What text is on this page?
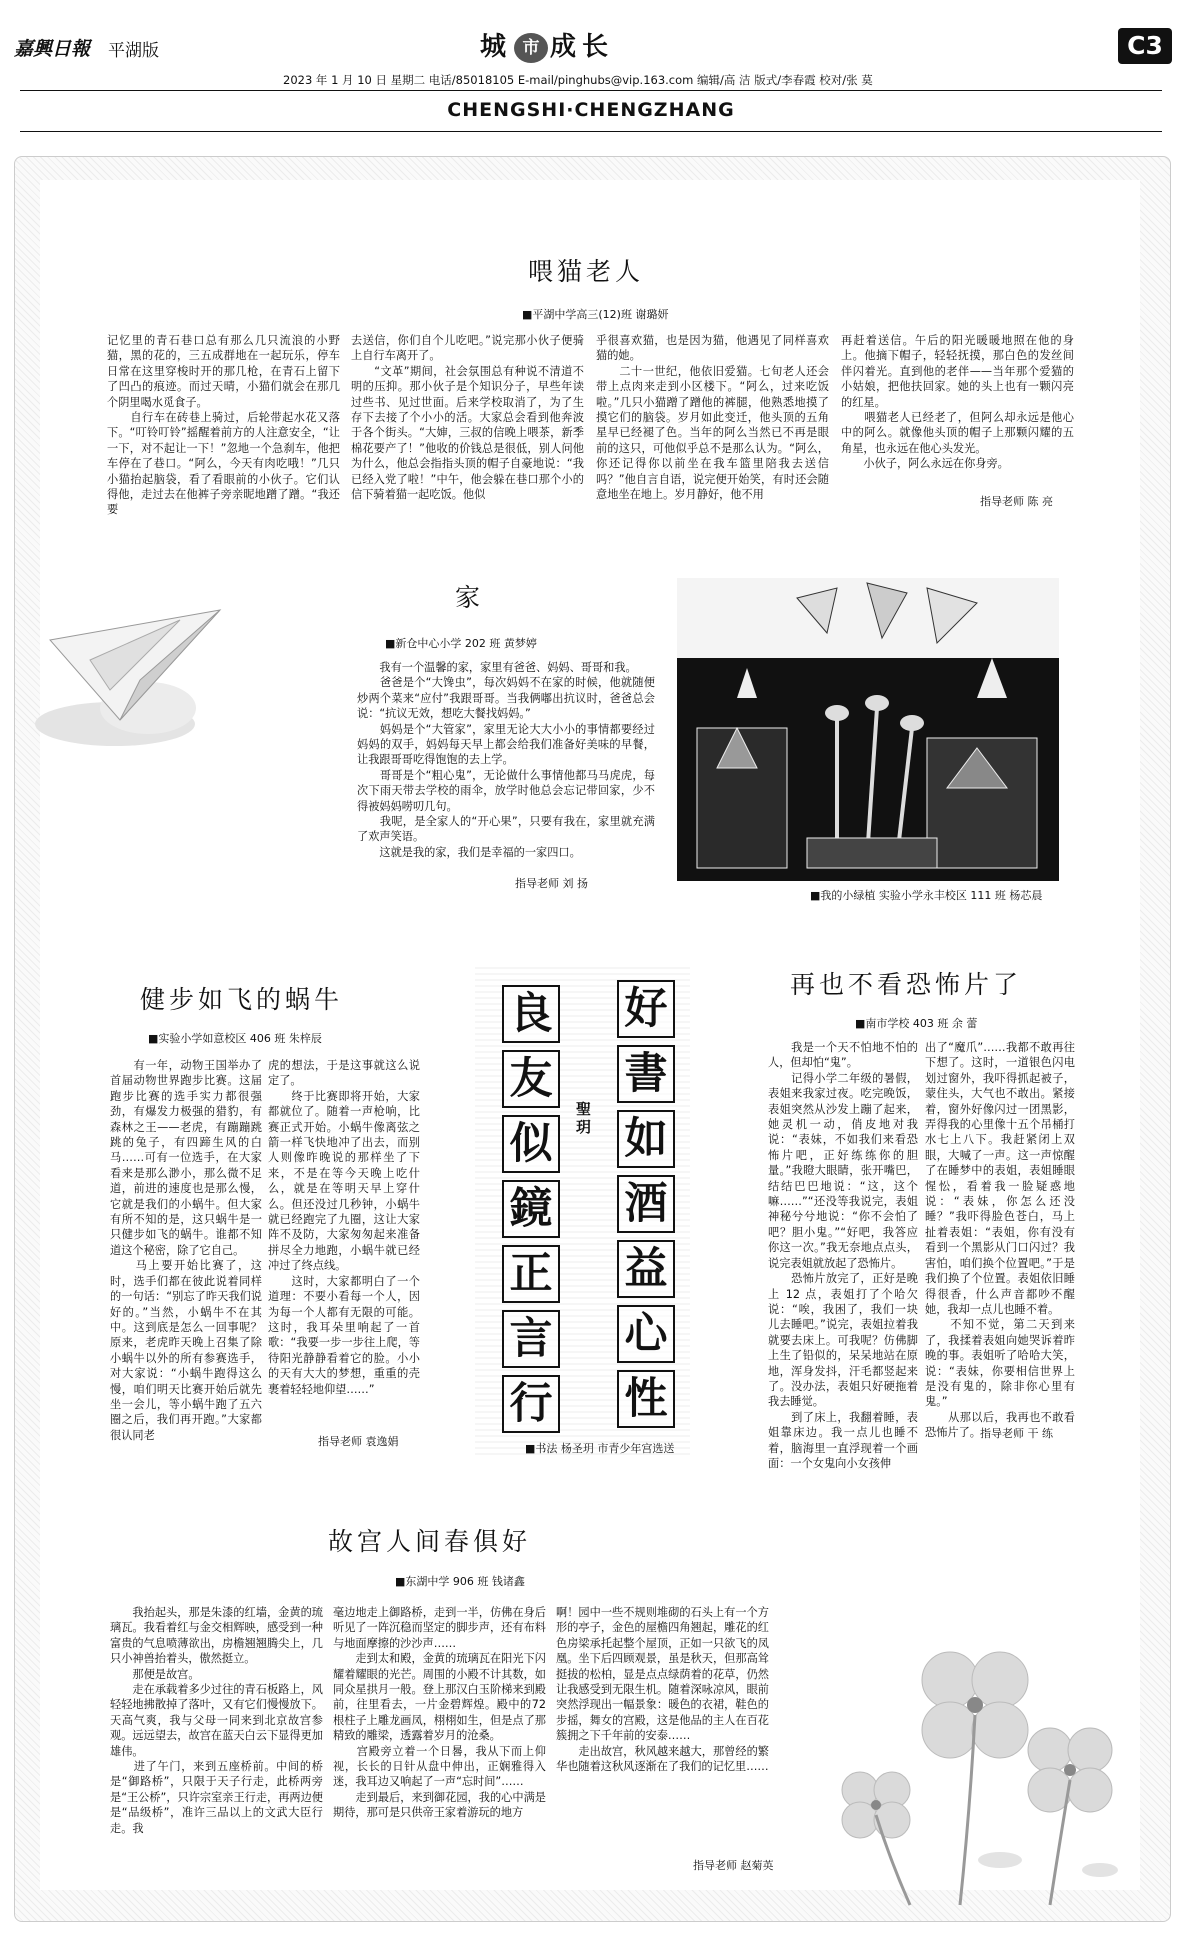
嘉興日報 平湖版	城 市 成长	C3
2023 年 1 月 10 日 星期二 电话/85018105 E-mail/pinghubs@vip.163.com 编辑/高 洁 版式/李春霞 校对/张 莫
CHENGSHI·CHENGZHANG
喂猫老人
■平湖中学高三(12)班 谢璐妍

记忆里的青石巷口总有那么几只流浪的小野猫，黑的花的，三五成群地在一起玩乐，停车日常在这里穿梭时开的那几枪，在青石上留下了凹凸的痕迹。而过天晴，小猫们就会在那几个阴里喝水觅食子。
　　自行车在砖巷上骑过，后轮带起水花又落下。“叮铃叮铃”摇醒着前方的人注意安全，“让一下，对不起让一下！”忽地一个急刹车，他把车停在了巷口。“阿么，今天有肉吃哦！”几只小猫抬起脑袋，看了看眼前的小伙子。它们认得他，走过去在他裤子旁亲昵地蹭了蹭。“我还要

去送信，你们自个儿吃吧。”说完那小伙子便骑上自行车离开了。
　　“文革”期间，社会氛围总有种说不清道不明的压抑。那小伙子是个知识分子，早些年读过些书、见过世面。后来学校取消了，为了生存下去接了个小小的活。大家总会看到他奔波于各个街头。“大婶，三叔的信晚上喂茶，新季棉花要产了！”他收的价钱总是很低，别人问他为什么，他总会指指头顶的帽子自豪地说：“我已经入党了啦！”中午，他会躲在巷口那个小的信下骑着猫一起吃饭。他似

乎很喜欢猫，也是因为猫，他遇见了同样喜欢猫的她。
　　二十一世纪，他依旧爱猫。七旬老人还会带上点肉来走到小区楼下。“阿么，过来吃饭啦。”几只小猫蹭了蹭他的裤腿，他熟悉地摸了摸它们的脑袋。岁月如此变迁，他头顶的五角星早已经褪了色。当年的阿么当然已不再是眼前的这只，可他似乎总不是那么认为。“阿么，你还记得你以前坐在我车篮里陪我去送信吗？”他自言自语，说完便开始笑，有时还会随意地坐在地上。岁月静好，他不用

再赶着送信。午后的阳光暖暖地照在他的身上。他摘下帽子，轻轻抚摸，那白色的发丝间伴闪着光。直到他的老伴——当年那个爱猫的小姑娘，把他扶回家。她的头上也有一颗闪亮的红星。
　　喂猫老人已经老了，但阿么却永远是他心中的阿么。就像他头顶的帽子上那颗闪耀的五角星，也永远在他心头发光。
　　小伙子，阿么永远在你身旁。

指导老师 陈 亮
家
■新仓中心小学 202 班 黄梦婷

　　我有一个温馨的家，家里有爸爸、妈妈、哥哥和我。
　　爸爸是个“大馋虫”，每次妈妈不在家的时候，他就随便炒两个菜来“应付”我跟哥哥。当我俩嘟出抗议时，爸爸总会说：“抗议无效，想吃大餐找妈妈。”
　　妈妈是个“大管家”，家里无论大大小小的事情都要经过妈妈的双手，妈妈每天早上都会给我们准备好美味的早餐，让我跟哥哥吃得饱饱的去上学。
　　哥哥是个“粗心鬼”，无论做什么事情他都马马虎虎，每次下雨天带去学校的雨伞，放学时他总会忘记带回家，少不得被妈妈唠叨几句。
　　我呢，是全家人的“开心果”，只要有我在，家里就充满了欢声笑语。
　　这就是我的家，我们是幸福的一家四口。

指导老师 刘 扬
■我的小绿植 实验小学永丰校区 111 班 杨芯晨
健步如飞的蜗牛
■实验小学如意校区 406 班 朱梓辰

　　有一年，动物王国举办了首届动物世界跑步比赛。这届跑步比赛的选手实力都很强劲，有爆发力极强的猎豹，有森林之王——老虎，有蹦蹦跳跳的兔子，有四蹄生风的白马……可有一位选手，在大家看来是那么渺小，那么微不足道，前进的速度也是那么慢，它就是我们的小蜗牛。但大家有所不知的是，这只蜗牛是一只健步如飞的蜗牛。谁都不知道这个秘密，除了它自己。
　　马上要开始比赛了，这时，选手们都在彼此说着同样的一句话：“别忘了昨天我们说好的。”当然，小蜗牛不在其中。这到底是怎么一回事呢？原来，老虎昨天晚上召集了除小蜗牛以外的所有参赛选手，对大家说：“小蜗牛跑得这么慢，咱们明天比赛开始后就先坐一会儿，等小蜗牛跑了五六圈之后，我们再开跑。”大家都很认同老

虎的想法，于是这事就这么说定了。
　　终于比赛即将开始，大家都就位了。随着一声枪响，比赛正式开始。小蜗牛像离弦之箭一样飞快地冲了出去，而别人则像昨晚说的那样坐了下来，不是在等今天晚上吃什么，就是在等明天早上穿什么。但还没过几秒钟，小蜗牛就已经跑完了九圈，这让大家阵不及防，大家匆匆起来准备拼尽全力地跑，小蜗牛就已经冲过了终点线。
　　这时，大家都明白了一个道理：不要小看每一个人，因为每一个人都有无限的可能。这时，我耳朵里响起了一首歌：“我要一步一步往上爬，等待阳光静静看着它的脸。小小的天有大大的梦想，重重的壳裹着轻轻地仰望……”

指导老师 袁逸娟
好
書
如
酒
益
心
性
良
友
似
鏡
正
言
行
聖玥
■书法 杨圣玥 市青少年宫选送
再也不看恐怖片了
■南市学校 403 班 余 蕾

　　我是一个天不怕地不怕的人，但却怕“鬼”。
　　记得小学二年级的暑假，表姐来我家过夜。吃完晚饭，表姐突然从沙发上蹦了起来，她灵机一动，俏皮地对我说：“表妹，不如我们来看恐怖片吧，正好练练你的胆量。”我瞪大眼睛，张开嘴巴，结结巴巴地说：“这，这个嘛……”“还没等我说完，表姐神秘兮兮地说：“你不会怕了吧？胆小鬼。”“好吧，我答应你这一次。”我无奈地点点头，说完表姐就放起了恐怖片。
　　恐怖片放完了，正好是晚上 12 点，表姐打了个哈欠说：“唉，我困了，我们一块儿去睡吧。”说完，表姐拉着我就要去床上。可我呢？仿佛脚上生了铅似的，呆呆地站在原地，浑身发抖，汗毛都竖起来了。没办法，表姐只好硬拖着我去睡觉。
　　到了床上，我翻着睡，表姐靠床边。我一点儿也睡不着，脑海里一直浮现着一个画面：一个女鬼向小女孩伸

出了“魔爪”……我都不敢再往下想了。这时，一道银色闪电划过窗外，我吓得抓起被子，蒙住头，大气也不敢出。紧接着，窗外好像闪过一团黑影，弄得我的心里像十五个吊桶打水七上八下。我赶紧闭上双眼，大喊了一声。这一声惊醒了在睡梦中的表姐，表姐睡眼惺忪，看着我一脸疑惑地说：“表妹，你怎么还没睡？”我吓得脸色苍白，马上扯着表姐：“表姐，你有没有看到一个黑影从门口闪过？我害怕，咱们换个位置吧。”于是我们换了个位置。表姐依旧睡得很香，什么声音都吵不醒她，我却一点儿也睡不着。
　　不知不觉，第二天到来了，我揉着表姐向她哭诉着昨晚的事。表姐听了哈哈大笑，说：“表妹，你要相信世界上是没有鬼的，除非你心里有鬼。”
　　从那以后，我再也不敢看恐怖片了。 指导老师 干 练
故宫人间春俱好
■东湖中学 906 班 钱诸鑫

　　我抬起头，那是朱漆的红墙，金黄的琉璃瓦。我看着红与金交相辉映，感受到一种富贵的气息喷薄欲出，房檐翘翘腾尖上，几只小神兽抬着头，傲然挺立。
　　那便是故宫。
　　走在承载着多少过往的青石板路上，风轻轻地拂散掉了落叶，又有它们慢慢放下。天高气爽，我与父母一同来到北京故宫参观。远远望去，故宫在蓝天白云下显得更加雄伟。
　　进了午门，来到五座桥前。中间的桥是“御路桥”，只限于天子行走，此桥两旁是“王公桥”，只许宗室亲王行走，再两边便是“品级桥”，准许三品以上的文武大臣行走。我

毫边地走上御路桥，走到一半，仿佛在身后听见了一阵沉稳而坚定的脚步声，还有布料与地面摩擦的沙沙声……
　　走到太和殿，金黄的琉璃瓦在阳光下闪耀着耀眼的光芒。周围的小殿不计其数，如同众星拱月一般。登上那汉白玉阶梯来到殿前，往里看去，一片金碧辉煌。殿中的72根柱子上雕龙画凤，栩栩如生，但是点了那精致的雕梁，透露着岁月的沧桑。
　　宫殿旁立着一个日晷，我从下而上仰视，长长的日针从盘中伸出，正娴雅得入迷，我耳边又响起了一声“忘时间”……
　　走到最后，来到御花园，我的心中满是期待，那可是只供帝王家着游玩的地方

啊！园中一些不规则堆砌的石头上有一个方形的亭子，金色的屋檐四角翘起，雕花的红色房梁承托起整个屋顶，正如一只欲飞的凤凰。坐下后四顾观景，虽是秋天，但那高耸挺拔的松柏，显是点点绿荫着的花草，仍然让我感受到无限生机。随着深咏凉风，眼前突然浮现出一幅景象：暖色的衣裙，鞋色的步摇，舞女的宫殿，这是他品的主人在百花簇拥之下千年前的安泰……
　　走出故宫，秋风越来越大，那曾经的繁华也随着这秋风逐渐在了我们的记忆里……

指导老师 赵菊英
